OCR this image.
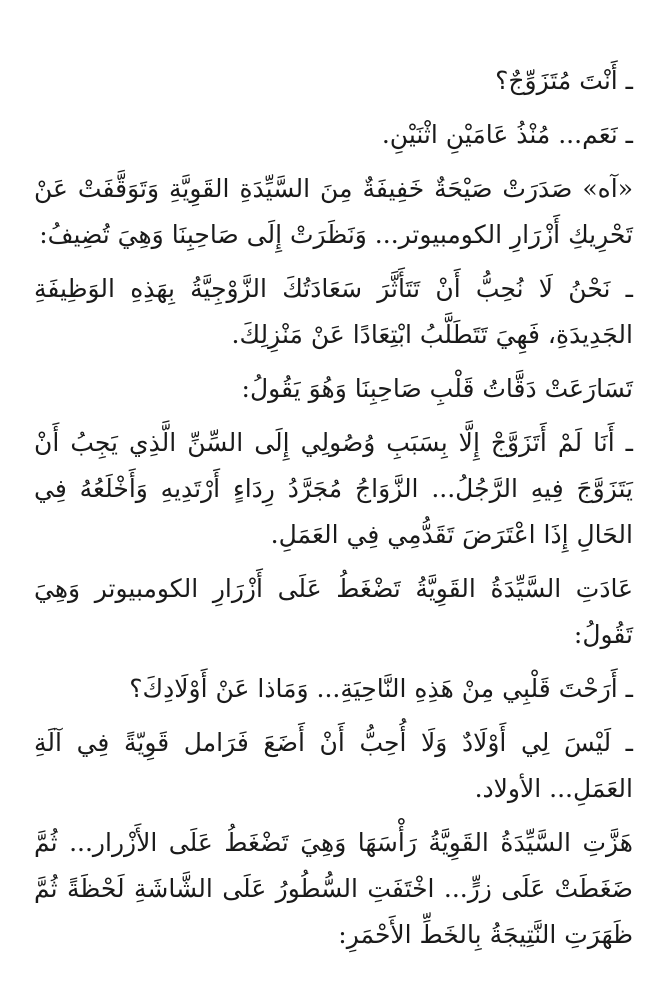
ـ أَنْتَ مُتَزَوِّجٌ؟

ـ نَعَم... مُنْذُ عَامَيْنِ اثْنَيْنِ.

«آه» صَدَرَتْ صَيْحَةٌ خَفِيفَةٌ مِنَ السَّيِّدَةِ القَوِيَّةِ وَتَوَقَّفَتْ عَنْ تَحْرِيكِ أَزْرَارِ الكومبيوتر... وَنَظَرَتْ إِلَى صَاحِبِنَا وَهِيَ تُضِيفُ:

ـ نَحْنُ لَا نُحِبُّ أَنْ تَتَأَثَّرَ سَعَادَتُكَ الزَّوْجِيَّةُ بِهَذِهِ الوَظِيفَةِ الجَدِيدَةِ، فَهِيَ تَتَطَلَّبُ ابْتِعَادًا عَنْ مَنْزِلِكَ.

تَسَارَعَتْ دَقَّاتُ قَلْبِ صَاحِبِنَا وَهُوَ يَقُولُ:

ـ أَنَا لَمْ أَتَزَوَّجْ إِلَّا بِسَبَبِ وُصُولِي إِلَى السِّنِّ الَّذِي يَجِبُ أَنْ يَتَزَوَّجَ فِيهِ الرَّجُلُ... الزَّوَاجُ مُجَرَّدُ رِدَاءٍ أَرْتَدِيهِ وَأَخْلَعُهُ فِي الحَالِ إِذَا اعْتَرَضَ تَقَدُّمِي فِي العَمَلِ.

عَادَتِ السَّيِّدَةُ القَوِيَّةُ تَضْغَطُ عَلَى أَزْرَارِ الكومبيوتر وَهِيَ تَقُولُ:

ـ أَرَحْتَ قَلْبِي مِنْ هَذِهِ النَّاحِيَةِ... وَمَاذا عَنْ أَوْلَادِكَ؟

ـ لَيْسَ لِي أَوْلَادٌ وَلَا أُحِبُّ أَنْ أَضَعَ فَرَامل قَوِيّةً فِي آلَةِ العَمَلِ... الأولاد.

هَزَّتِ السَّيِّدَةُ القَوِيَّةُ رَأْسَهَا وَهِيَ تَضْغَطُ عَلَى الأَزْرار... ثُمَّ ضَغَطَتْ عَلَى زرٍّ... اخْتَفَتِ السُّطُورُ عَلَى الشَّاشَةِ لَحْظَةً ثُمَّ ظَهَرَتِ النَّتِيجَةُ بِالخَطِّ الأَحْمَرِ:
